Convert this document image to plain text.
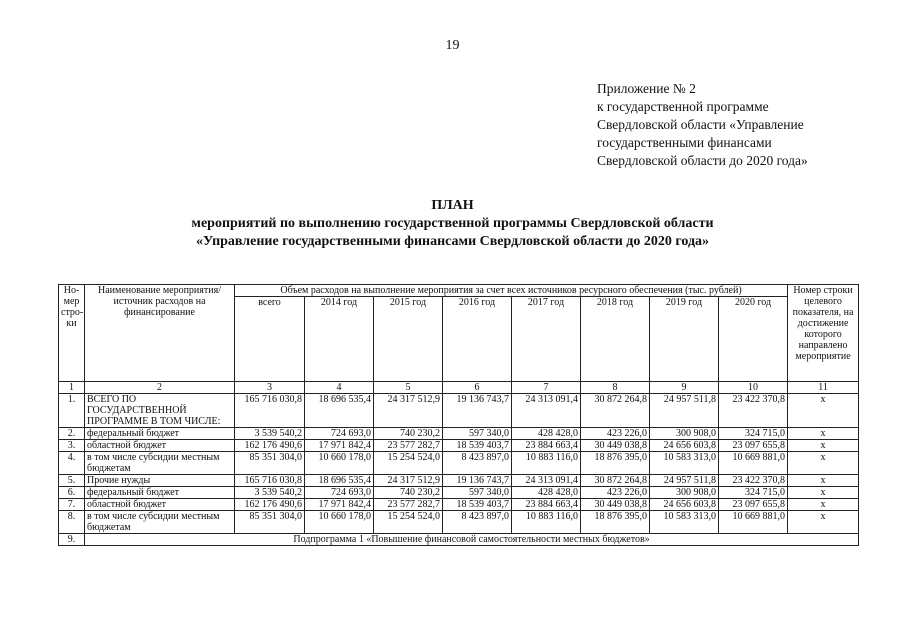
19
Приложение № 2
к государственной программе
Свердловской области «Управление
государственными финансами
Свердловской области до 2020 года»
ПЛАН
мероприятий по выполнению государственной программы Свердловской области
«Управление государственными финансами Свердловской области до 2020 года»
Но-мер стро-ки	Наименование мероприятия/источник расходов на финансирование	Объем расходов на выполнение мероприятия за счет всех источников ресурсного обеспечения (тыс. рублей)								Номер строки целевого показателя, на достижение которого направлено мероприятие
		всего	2014 год	2015 год	2016 год	2017 год	2018 год	2019 год	2020 год	
1	2	3	4	5	6	7	8	9	10	11
1.	ВСЕГО ПО ГОСУДАРСТВЕННОЙ ПРОГРАММЕ В ТОМ ЧИСЛЕ:	165 716 030,8	18 696 535,4	24 317 512,9	19 136 743,7	24 313 091,4	30 872 264,8	24 957 511,8	23 422 370,8	x
2.	федеральный бюджет	3 539 540,2	724 693,0	740 230,2	597 340,0	428 428,0	423 226,0	300 908,0	324 715,0	x
3.	областной бюджет	162 176 490,6	17 971 842,4	23 577 282,7	18 539 403,7	23 884 663,4	30 449 038,8	24 656 603,8	23 097 655,8	x
4.	в том числе субсидии местным бюджетам	85 351 304,0	10 660 178,0	15 254 524,0	8 423 897,0	10 883 116,0	18 876 395,0	10 583 313,0	10 669 881,0	x
5.	Прочие нужды	165 716 030,8	18 696 535,4	24 317 512,9	19 136 743,7	24 313 091,4	30 872 264,8	24 957 511,8	23 422 370,8	x
6.	федеральный бюджет	3 539 540,2	724 693,0	740 230,2	597 340,0	428 428,0	423 226,0	300 908,0	324 715,0	x
7.	областной бюджет	162 176 490,6	17 971 842,4	23 577 282,7	18 539 403,7	23 884 663,4	30 449 038,8	24 656 603,8	23 097 655,8	x
8.	в том числе субсидии местным бюджетам	85 351 304,0	10 660 178,0	15 254 524,0	8 423 897,0	10 883 116,0	18 876 395,0	10 583 313,0	10 669 881,0	x
9.	Подпрограмма 1 «Повышение финансовой самостоятельности местных бюджетов»									
